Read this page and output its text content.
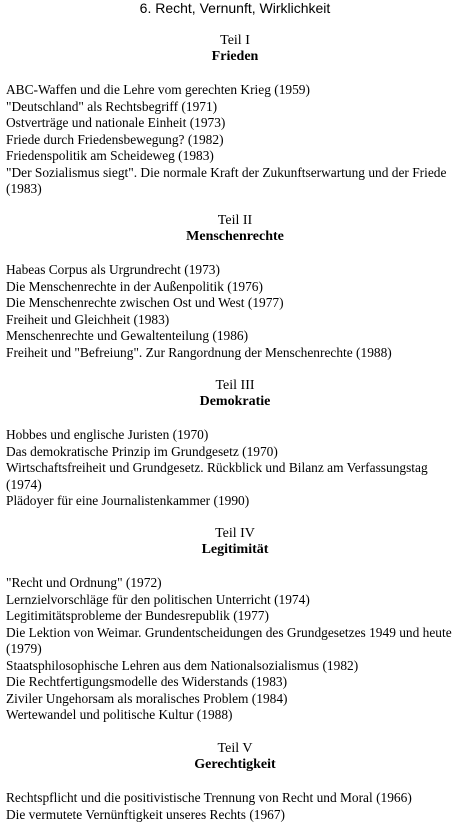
6. Recht, Vernunft, Wirklichkeit
Teil I
Frieden
ABC-Waffen und die Lehre vom gerechten Krieg (1959)
"Deutschland" als Rechtsbegriff (1971)
Ostverträge und nationale Einheit (1973)
Friede durch Friedensbewegung? (1982)
Friedenspolitik am Scheideweg (1983)
"Der Sozialismus siegt". Die normale Kraft der Zukunftserwartung und der Friede (1983)
Teil II
Menschenrechte
Habeas Corpus als Urgrundrecht (1973)
Die Menschenrechte in der Außenpolitik (1976)
Die Menschenrechte zwischen Ost und West (1977)
Freiheit und Gleichheit (1983)
Menschenrechte und Gewaltenteilung (1986)
Freiheit und "Befreiung". Zur Rangordnung der Menschenrechte (1988)
Teil III
Demokratie
Hobbes und englische Juristen (1970)
Das demokratische Prinzip im Grundgesetz (1970)
Wirtschaftsfreiheit und Grundgesetz. Rückblick und Bilanz am Verfassungstag (1974)
Plädoyer für eine Journalistenkammer (1990)
Teil IV
Legitimität
"Recht und Ordnung" (1972)
Lernzielvorschläge für den politischen Unterricht (1974)
Legitimitätsprobleme der Bundesrepublik (1977)
Die Lektion von Weimar. Grundentscheidungen des Grundgesetzes 1949 und heute (1979)
Staatsphilosophische Lehren aus dem Nationalsozialismus (1982)
Die Rechtfertigungsmodelle des Widerstands (1983)
Ziviler Ungehorsam als moralisches Problem (1984)
Wertewandel und politische Kultur (1988)
Teil V
Gerechtigkeit
Rechtspflicht und die positivistische Trennung von Recht und Moral (1966)
Die vermutete Vernünftigkeit unseres Rechts (1967)
